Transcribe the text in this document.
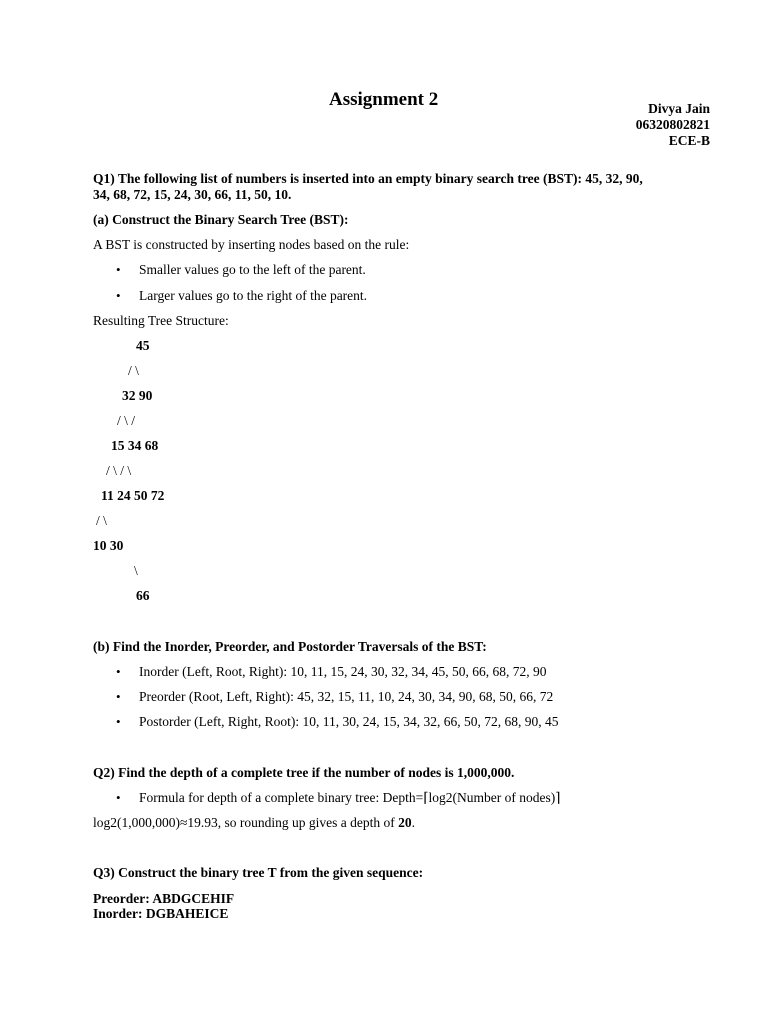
Assignment 2	Divya Jain
06320802821
ECE-B
Q1) The following list of numbers is inserted into an empty binary search tree (BST): 45, 32, 90,
34, 68, 72, 15, 24, 30, 66, 11, 50, 10.
(a) Construct the Binary Search Tree (BST):
A BST is constructed by inserting nodes based on the rule:
• Smaller values go to the left of the parent.
• Larger values go to the right of the parent.
Resulting Tree Structure:
45
/ \
32 90
/ \ /
15 34 68
/ \ / \
11 24 50 72
/ \
10 30
\
66
(b) Find the Inorder, Preorder, and Postorder Traversals of the BST:
• Inorder (Left, Root, Right): 10, 11, 15, 24, 30, 32, 34, 45, 50, 66, 68, 72, 90
• Preorder (Root, Left, Right): 45, 32, 15, 11, 10, 24, 30, 34, 90, 68, 50, 66, 72
• Postorder (Left, Right, Root): 10, 11, 30, 24, 15, 34, 32, 66, 50, 72, 68, 90, 45
Q2) Find the depth of a complete tree if the number of nodes is 1,000,000.
• Formula for depth of a complete binary tree: Depth=⌈log2(Number of nodes)⌉
log2(1,000,000)≈19.93, so rounding up gives a depth of 20.
Q3) Construct the binary tree T from the given sequence:
Preorder: ABDGCEHIF
Inorder: DGBAHEICE
